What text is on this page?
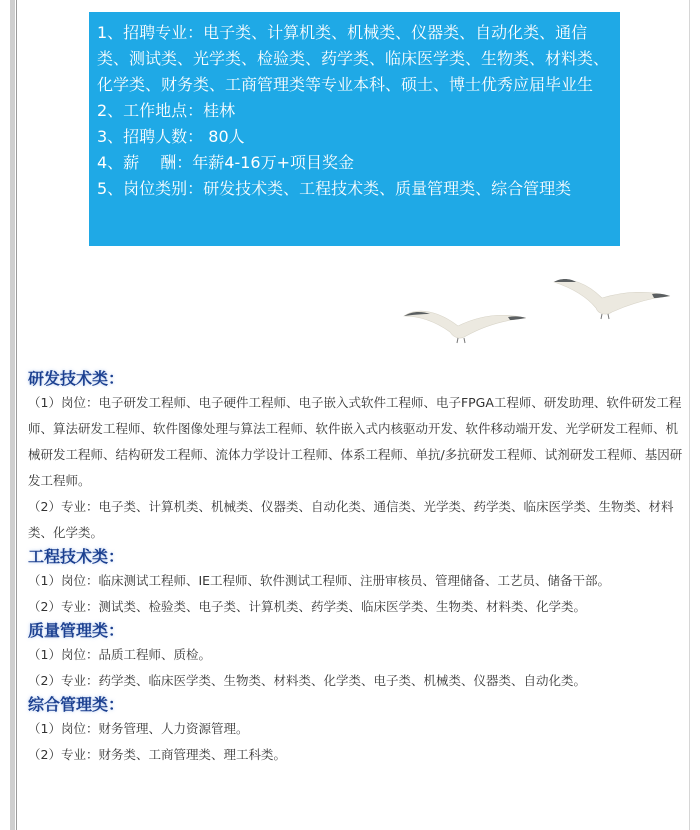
1、招聘专业：电子类、计算机类、机械类、仪器类、自动化类、通信类、测试类、光学类、检验类、药学类、临床医学类、生物类、材料类、化学类、财务类、工商管理类等专业本科、硕士、博士优秀应届毕业生

2、工作地点：桂林

3、招聘人数： 80人

4、薪　 酬：年薪4-16万+项目奖金

5、岗位类别：研发技术类、工程技术类、质量管理类、综合管理类

研发技术类：

（1）岗位：电子研发工程师、电子硬件工程师、电子嵌入式软件工程师、电子FPGA工程师、研发助理、软件研发工程师、算法研发工程师、软件图像处理与算法工程师、软件嵌入式内核驱动开发、软件移动端开发、光学研发工程师、机械研发工程师、结构研发工程师、流体力学设计工程师、体系工程师、单抗/多抗研发工程师、试剂研发工程师、基因研发工程师。

（2）专业：电子类、计算机类、机械类、仪器类、自动化类、通信类、光学类、药学类、临床医学类、生物类、材料类、化学类。

工程技术类：

（1）岗位：临床测试工程师、IE工程师、软件测试工程师、注册审核员、管理储备、工艺员、储备干部。

（2）专业：测试类、检验类、电子类、计算机类、药学类、临床医学类、生物类、材料类、化学类。

质量管理类：

（1）岗位：品质工程师、质检。

（2）专业：药学类、临床医学类、生物类、材料类、化学类、电子类、机械类、仪器类、自动化类。

综合管理类：

（1）岗位：财务管理、人力资源管理。

（2）专业：财务类、工商管理类、理工科类。
